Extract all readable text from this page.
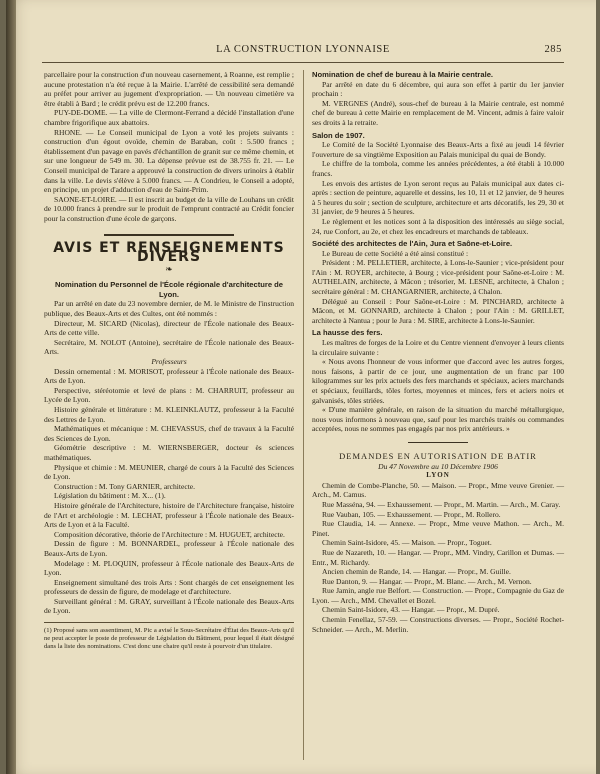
LA CONSTRUCTION LYONNAISE	285

parcellaire pour la construction d'un nouveau casernement, à Roanne, est remplie ; aucune protestation n'a été reçue à la Mairie. L'arrêté de cessibilité sera demandé au préfet pour arriver au jugement d'expropriation. — Un nouveau cimetière va être établi à Bard ; le crédit prévu est de 12.200 francs.

PUY-DE-DOME. — La ville de Clermont-Ferrand a décidé l'installation d'une chambre frigorifique aux abattoirs.

RHONE. — Le Conseil municipal de Lyon a voté les projets suivants : construction d'un égout ovoïde, chemin de Baraban, coût : 5.500 francs ; établissement d'un pavage en pavés d'échantillon de granit sur ce même chemin, et sur une longueur de 549 m. 30. La dépense prévue est de 38.755 fr. 21. — Le Conseil municipal de Tarare a approuvé la construction de divers urinoirs à établir dans la ville. Le devis s'élève à 5.000 francs. — A Condrieu, le Conseil a adopté, en principe, un projet d'adduction d'eau de Saint-Prim.

SAONE-ET-LOIRE. — Il est inscrit au budget de la ville de Louhans un crédit de 10.000 francs à prendre sur le produit de l'emprunt contracté au Crédit foncier pour la construction d'une école de garçons.

AVIS ET RENSEIGNEMENTS DIVERS
❧

Nomination du Personnel de l'École régionale d'architecture de Lyon.

Par un arrêté en date du 23 novembre dernier, de M. le Ministre de l'instruction publique, des Beaux-Arts et des Cultes, ont été nommés :

Directeur, M. SICARD (Nicolas), directeur de l'École nationale des Beaux-Arts de cette ville.

Secrétaire, M. NOLOT (Antoine), secrétaire de l'École nationale des Beaux-Arts.

Professeurs

Dessin ornemental : M. MORISOT, professeur à l'École nationale des Beaux-Arts de Lyon.

Perspective, stéréotomie et levé de plans : M. CHARRUIT, professeur au Lycée de Lyon.

Histoire générale et littérature : M. KLEINKLAUTZ, professeur à la Faculté des Lettres de Lyon.

Mathématiques et mécanique : M. CHEVASSUS, chef de travaux à la Faculté des Sciences de Lyon.

Géométrie descriptive : M. WIERNSBERGER, docteur ès sciences mathématiques.

Physique et chimie : M. MEUNIER, chargé de cours à la Faculté des Sciences de Lyon.

Construction : M. Tony GARNIER, architecte.

Législation du bâtiment : M. X... (1).

Histoire générale de l'Architecture, histoire de l'Architecture française, histoire de l'Art et archéologie : M. LECHAT, professeur à l'École nationale des Beaux-Arts de Lyon et à la Faculté.

Composition décorative, théorie de l'Architecture : M. HUGUET, architecte.

Dessin de figure : M. BONNARDEL, professeur à l'École nationale des Beaux-Arts de Lyon.

Modelage : M. PLOQUIN, professeur à l'École nationale des Beaux-Arts de Lyon.

Enseignement simultané des trois Arts : Sont chargés de cet enseignement les professeurs de dessin de figure, de modelage et d'architecture.

Surveillant général : M. GRAY, surveillant à l'École nationale des Beaux-Arts de Lyon.

(1) Proposé sans son assentiment, M. Pic a avisé le Sous-Secrétaire d'État des Beaux-Arts qu'il ne peut accepter le poste de professeur de Législation du Bâtiment, pour lequel il était désigné dans la liste des nominations. C'est donc une chaire qu'il reste à pourvoir d'un titulaire.

Nomination de chef de bureau à la Mairie centrale.

Par arrêté en date du 6 décembre, qui aura son effet à partir du 1er janvier prochain :

M. VERGNES (André), sous-chef de bureau à la Mairie centrale, est nommé chef de bureau à cette Mairie en remplacement de M. Vincent, admis à faire valoir ses droits à la retraite.

Salon de 1907.

Le Comité de la Société Lyonnaise des Beaux-Arts a fixé au jeudi 14 février l'ouverture de sa vingtième Exposition au Palais municipal du quai de Bondy.

Le chiffre de la tombola, comme les années précédentes, a été établi à 10.000 francs.

Les envois des artistes de Lyon seront reçus au Palais municipal aux dates ci-après : section de peinture, aquarelle et dessins, les 10, 11 et 12 janvier, de 9 heures à 5 heures du soir ; section de sculpture, architecture et arts décoratifs, les 29, 30 et 31 janvier, de 9 heures à 5 heures.

Le règlement et les notices sont à la disposition des intéressés au siège social, 24, rue Confort, au 2e, et chez les encadreurs et marchands de tableaux.

Société des architectes de l'Ain, Jura et Saône-et-Loire.

Le Bureau de cette Société a été ainsi constitué :

Président : M. PELLETIER, architecte, à Lons-le-Saunier ; vice-président pour l'Ain : M. ROYER, architecte, à Bourg ; vice-président pour Saône-et-Loire : M. AUTHELAIN, architecte, à Mâcon ; trésorier, M. LESNE, architecte, à Chalon ; secrétaire général : M. CHANGARNIER, architecte, à Chalon.

Délégué au Conseil : Pour Saône-et-Loire : M. PINCHARD, architecte à Mâcon, et M. GONNARD, architecte à Chalon ; pour l'Ain : M. GRILLET, architecte à Nantua ; pour le Jura : M. SIRE, architecte à Lons-le-Saunier.

La hausse des fers.

Les maîtres de forges de la Loire et du Centre viennent d'envoyer à leurs clients la circulaire suivante :

« Nous avons l'honneur de vous informer que d'accord avec les autres forges, nous faisons, à partir de ce jour, une augmentation de un franc par 100 kilogrammes sur les prix actuels des fers marchands et spéciaux, aciers marchands et spéciaux, feuillards, tôles fortes, moyennes et minces, fers et aciers noirs et galvanisés, tôles striées.

« D'une manière générale, en raison de la situation du marché métallurgique, nous vous informons à nouveau que, sauf pour les marchés traités ou commandes acceptées, nous ne sommes pas engagés par nos prix antérieurs. »

DEMANDES EN AUTORISATION DE BATIR

Du 47 Novembre au 10 Décembre 1906

LYON

Chemin de Combe-Planche, 50. — Maison. — Propr., Mme veuve Grenier. — Arch., M. Camus.

Rue Masséna, 94. — Exhaussement. — Propr., M. Martin. — Arch., M. Caray.

Rue Vauban, 105. — Exhaussement. — Propr., M. Rollero.

Rue Claudia, 14. — Annexe. — Propr., Mme veuve Mathon. — Arch., M. Pinet.

Chemin Saint-Isidore, 45. — Maison. — Propr., Toguet.

Rue de Nazareth, 10. — Hangar. — Propr., MM. Vindry, Carillon et Dumas. — Entr., M. Richardy.

Ancien chemin de Rande, 14. — Hangar. — Propr., M. Guille.

Rue Danton, 9. — Hangar. — Propr., M. Blanc. — Arch., M. Vernon.

Rue Jamin, angle rue Belfort. — Construction. — Propr., Compagnie du Gaz de Lyon. — Arch., MM. Chevallet et Bozel.

Chemin Saint-Isidore, 43. — Hangar. — Propr., M. Dupré.

Chemin Fenellaz, 57-59. — Constructions diverses. — Propr., Société Rochet-Schneider. — Arch., M. Merlin.
